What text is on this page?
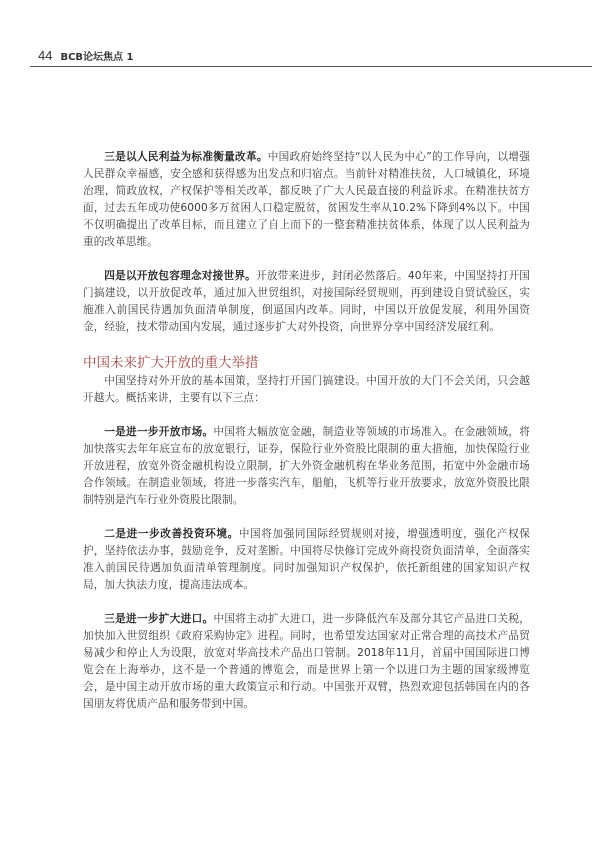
44 BCB论坛焦点 1

三是以人民利益为标准衡量改革。中国政府始终坚持“以人民为中心”的工作导向，以增强人民群众幸福感，安全感和获得感为出发点和归宿点。当前针对精准扶贫，人口城镇化，环境治理，简政放权，产权保护等相关改革，都反映了广大人民最直接的利益诉求。在精准扶贫方面，过去五年成功使6000多万贫困人口稳定脱贫，贫困发生率从10.2%下降到4%以下。中国不仅明确提出了改革目标，而且建立了自上而下的一整套精准扶贫体系，体现了以人民利益为重的改革思维。

四是以开放包容理念对接世界。开放带来进步，封闭必然落后。40年来，中国坚持打开国门搞建设，以开放促改革，通过加入世贸组织，对接国际经贸规则，再到建设自贸试验区，实施准入前国民待遇加负面清单制度，倒逼国内改革。同时，中国以开放促发展，利用外国资金，经验，技术带动国内发展，通过逐步扩大对外投资，向世界分享中国经济发展红利。

中国未来扩大开放的重大举措

中国坚持对外开放的基本国策，坚持打开国门搞建设。中国开放的大门不会关闭，只会越开越大。概括来讲，主要有以下三点：

一是进一步开放市场。中国将大幅放宽金融，制造业等领域的市场准入。在金融领域，将加快落实去年年底宣布的放宽银行，证券，保险行业外资股比限制的重大措施，加快保险行业开放进程，放宽外资金融机构设立限制，扩大外资金融机构在华业务范围，拓宽中外金融市场合作领域。在制造业领域，将进一步落实汽车，船舶，飞机等行业开放要求，放宽外资股比限制特别是汽车行业外资股比限制。

二是进一步改善投资环境。中国将加强同国际经贸规则对接，增强透明度，强化产权保护，坚持依法办事，鼓励竞争，反对垄断。中国将尽快修订完成外商投资负面清单，全面落实准入前国民待遇加负面清单管理制度。同时加强知识产权保护，依托新组建的国家知识产权局，加大执法力度，提高违法成本。

三是进一步扩大进口。中国将主动扩大进口，进一步降低汽车及部分其它产品进口关税，加快加入世贸组织《政府采购协定》进程。同时，也希望发达国家对正常合理的高技术产品贸易减少和停止人为设限，放宽对华高技术产品出口管制。2018年11月，首届中国国际进口博览会在上海举办，这不是一个普通的博览会，而是世界上第一个以进口为主题的国家级博览会，是中国主动开放市场的重大政策宣示和行动。中国张开双臂，热烈欢迎包括韩国在内的各国朋友将优质产品和服务带到中国。
